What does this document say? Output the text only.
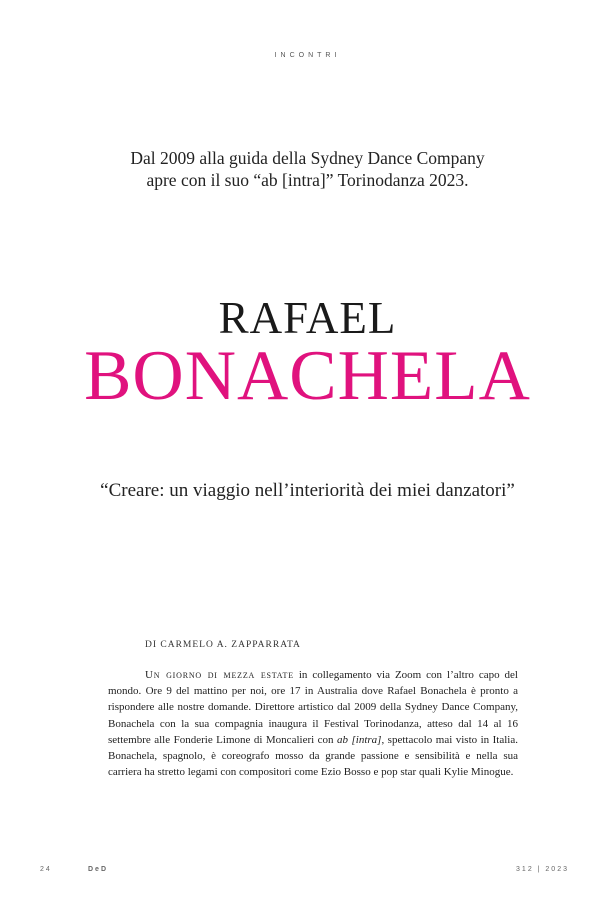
INCONTRI
Dal 2009 alla guida della Sydney Dance Company
apre con il suo “ab [intra]” Torinodanza 2023.
RAFAEL
BONACHELA
“Creare: un viaggio nell’interiorità dei miei danzatori”
DI CARMELO A. ZAPPARRATA
Un giorno di mezza estate in collegamento via Zoom con l’altro capo del mondo. Ore 9 del mattino per noi, ore 17 in Australia dove Rafael Bonachela è pronto a rispondere alle nostre domande. Direttore artistico dal 2009 della Sydney Dance Company, Bonachela con la sua compagnia inaugura il Festival Torinodanza, atteso dal 14 al 16 settembre alle Fonderie Limone di Moncalieri con ab [intra], spettacolo mai visto in Italia. Bonachela, spagnolo, è coreografo mosso da grande passione e sensibilità e nella sua carriera ha stretto legami con compositori come Ezio Bosso e pop star quali Kylie Minogue.
24	DeD	312 | 2023
